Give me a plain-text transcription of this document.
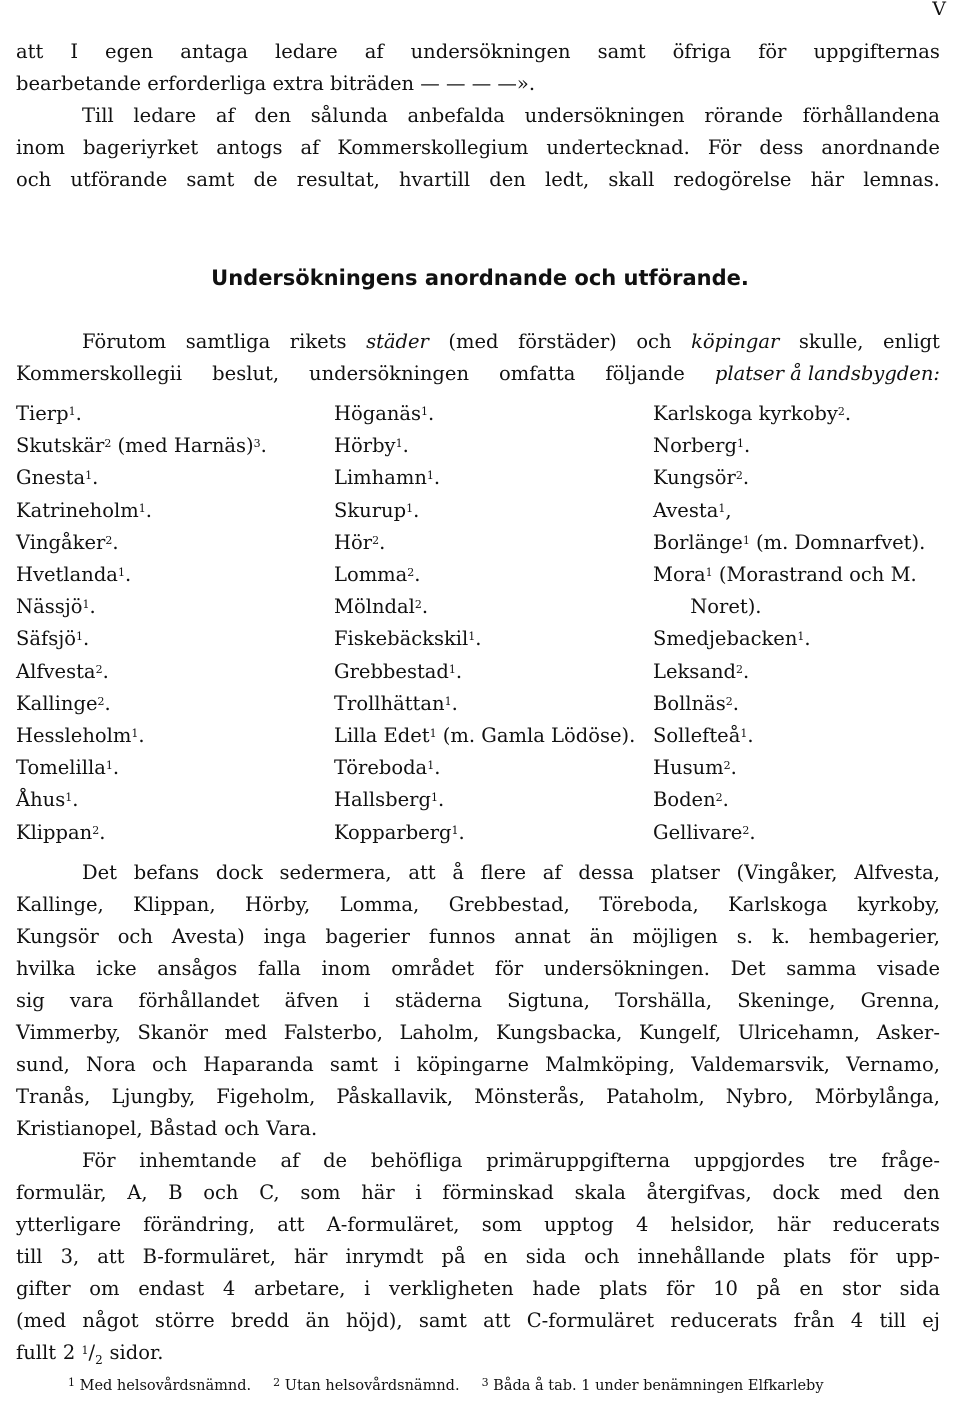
V
att I egen antaga ledare af undersökningen samt öfriga för uppgifternas
bearbetande erforderliga extra biträden — — — —».
Till ledare af den sålunda anbefalda undersökningen rörande förhållandena
inom bageriyrket antogs af Kommerskollegium undertecknad. För dess anordnande
och utförande samt de resultat, hvartill den ledt, skall redogörelse här lemnas.
Undersökningens anordnande och utförande.
Förutom samtliga rikets städer (med förstäder) och köpingar skulle, enligt
Kommerskollegii beslut, undersökningen omfatta följande platser å landsbygden:
Tierp$^1$.
Skutskär$^2$ (med Harnäs)$^3$.
Gnesta$^1$.
Katrineholm$^1$.
Vingåker$^2$.
Hvetlanda$^1$.
Nässjö$^1$.
Säfsjö$^1$.
Alfvesta$^2$.
Kallinge$^2$.
Hessleholm$^1$.
Tomelilla$^1$.
Åhus$^1$.
Klippan$^2$.
Höganäs$^1$.
Hörby$^1$.
Limhamn$^1$.
Skurup$^1$.
Hör$^2$.
Lomma$^2$.
Mölndal$^2$.
Fiskebäckskil$^1$.
Grebbestad$^1$.
Trollhättan$^1$.
Lilla Edet$^1$ (m. Gamla Lödöse).
Töreboda$^1$.
Hallsberg$^1$.
Kopparberg$^1$.
Karlskoga kyrkoby$^2$.
Norberg$^1$.
Kungsör$^2$.
Avesta$^1$,
Borlänge$^1$ (m. Domnarfvet).
Mora$^1$ (Morastrand och M.
Noret).
Smedjebacken$^1$.
Leksand$^2$.
Bollnäs$^2$.
Sollefteå$^1$.
Husum$^2$.
Boden$^2$.
Gellivare$^2$.
Det befans dock sedermera, att å flere af dessa platser (Vingåker, Alfvesta,
Kallinge, Klippan, Hörby, Lomma, Grebbestad, Töreboda, Karlskoga kyrkoby,
Kungsör och Avesta) inga bagerier funnos annat än möjligen s. k. hembagerier,
hvilka icke ansågos falla inom området för undersökningen. Det samma visade
sig vara förhållandet äfven i städerna Sigtuna, Torshälla, Skeninge, Grenna,
Vimmerby, Skanör med Falsterbo, Laholm, Kungsbacka, Kungelf, Ulricehamn, Asker-
sund, Nora och Haparanda samt i köpingarne Malmköping, Valdemarsvik, Vernamo,
Tranås, Ljungby, Figeholm, Påskallavik, Mönsterås, Pataholm, Nybro, Mörbylånga,
Kristianopel, Båstad och Vara.
För inhemtande af de behöfliga primäruppgifterna uppgjordes tre fråge-
formulär, A, B och C, som här i förminskad skala återgifvas, dock med den
ytterligare förändring, att A-formuläret, som upptog 4 helsidor, här reducerats
till 3, att B-formuläret, här inrymdt på en sida och innehållande plats för upp-
gifter om endast 4 arbetare, i verkligheten hade plats för 10 på en stor sida
(med något större bredd än höjd), samt att C-formuläret reducerats från 4 till ej
fullt 2 $^1/_2$ sidor.
$^1$ Med helsovårdsnämnd. $^2$ Utan helsovårdsnämnd. $^3$ Båda å tab. 1 under benämningen Elfkarleby
